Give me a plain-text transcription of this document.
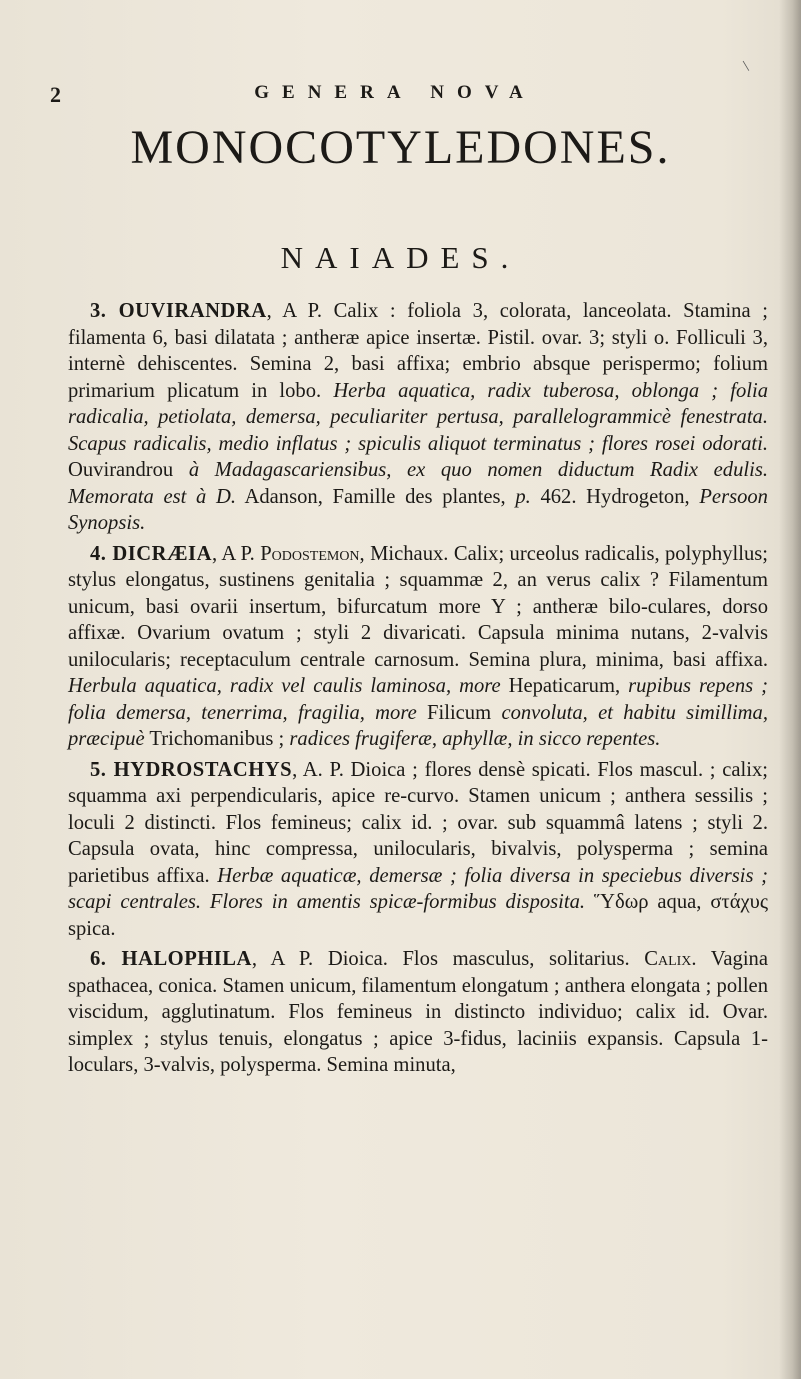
\
2	GENERA NOVA
MONOCOTYLEDONES.
NAIADES.

3. OUVIRANDRA, A P. Calix : foliola 3, colorata, lanceolata. Stamina ; filamenta 6, basi dilatata ; antheræ apice insertæ. Pistil. ovar. 3; styli o. Folliculi 3, internè dehiscentes. Semina 2, basi affixa; embrio absque perispermo; folium primarium plicatum in lobo. Herba aquatica, radix tuberosa, oblonga ; folia radicalia, petiolata, demersa, peculiariter pertusa, parallelogrammicè fenestrata. Scapus radicalis, medio inflatus ; spiculis aliquot terminatus ; flores rosei odorati. Ouvirandrou à Madagascariensibus, ex quo nomen diductum Radix edulis. Memorata est à D. Adanson, Famille des plantes, p. 462. Hydrogeton, Persoon Synopsis.

4. DICRÆIA, A P. Podostemon, Michaux. Calix; urceolus radicalis, polyphyllus; stylus elongatus, sustinens genitalia ; squammæ 2, an verus calix ? Filamentum unicum, basi ovarii insertum, bifurcatum more Y ; antheræ bilo-culares, dorso affixæ. Ovarium ovatum ; styli 2 divaricati. Capsula minima nutans, 2-valvis unilocularis; receptaculum centrale carnosum. Semina plura, minima, basi affixa. Herbula aquatica, radix vel caulis laminosa, more Hepaticarum, rupibus repens ; folia demersa, tenerrima, fragilia, more Filicum convoluta, et habitu simillima, præcipuè Trichomanibus ; radices frugiferæ, aphyllæ, in sicco repentes.

5. HYDROSTACHYS, A. P. Dioica ; flores densè spicati. Flos mascul. ; calix; squamma axi perpendicularis, apice re-curvo. Stamen unicum ; anthera sessilis ; loculi 2 distincti. Flos femineus; calix id. ; ovar. sub squammâ latens ; styli 2. Capsula ovata, hinc compressa, unilocularis, bivalvis, polysperma ; semina parietibus affixa. Herbæ aquaticæ, demersæ ; folia diversa in speciebus diversis ; scapi centrales. Flores in amentis spicæ-formibus disposita. Ὕδωρ aqua, στάχυς spica.

6. HALOPHILA, A P. Dioica. Flos masculus, solitarius. Calix. Vagina spathacea, conica. Stamen unicum, filamentum elongatum ; anthera elongata ; pollen viscidum, agglutinatum. Flos femineus in distincto individuo; calix id. Ovar. simplex ; stylus tenuis, elongatus ; apice 3-fidus, laciniis expansis. Capsula 1-loculars, 3-valvis, polysperma. Semina minuta,
